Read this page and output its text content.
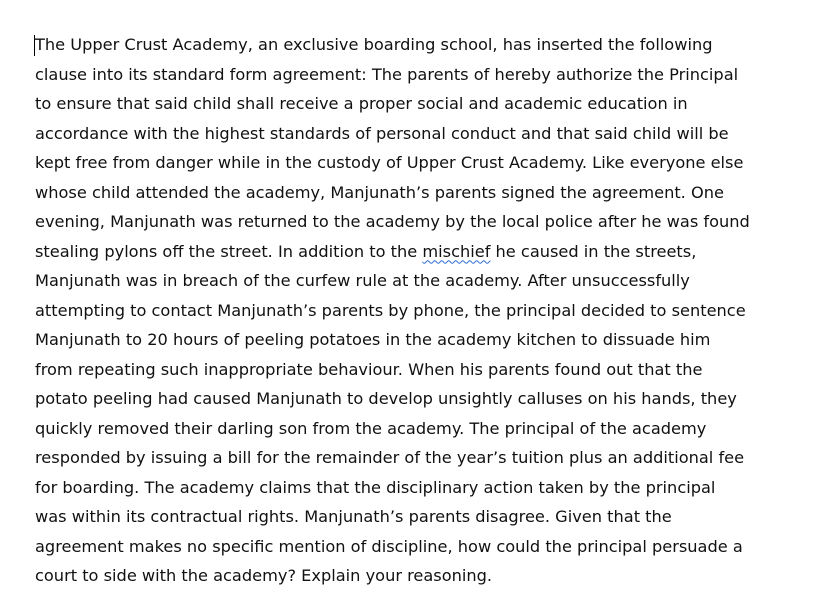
The Upper Crust Academy, an exclusive boarding school, has inserted the following
clause into its standard form agreement: The parents of hereby authorize the Principal
to ensure that said child shall receive a proper social and academic education in
accordance with the highest standards of personal conduct and that said child will be
kept free from danger while in the custody of Upper Crust Academy. Like everyone else
whose child attended the academy, Manjunath’s parents signed the agreement. One
evening, Manjunath was returned to the academy by the local police after he was found
stealing pylons off the street. In addition to the mischief he caused in the streets,
Manjunath was in breach of the curfew rule at the academy. After unsuccessfully
attempting to contact Manjunath’s parents by phone, the principal decided to sentence
Manjunath to 20 hours of peeling potatoes in the academy kitchen to dissuade him
from repeating such inappropriate behaviour. When his parents found out that the
potato peeling had caused Manjunath to develop unsightly calluses on his hands, they
quickly removed their darling son from the academy. The principal of the academy
responded by issuing a bill for the remainder of the year’s tuition plus an additional fee
for boarding. The academy claims that the disciplinary action taken by the principal
was within its contractual rights. Manjunath’s parents disagree. Given that the
agreement makes no specific mention of discipline, how could the principal persuade a
court to side with the academy? Explain your reasoning.
